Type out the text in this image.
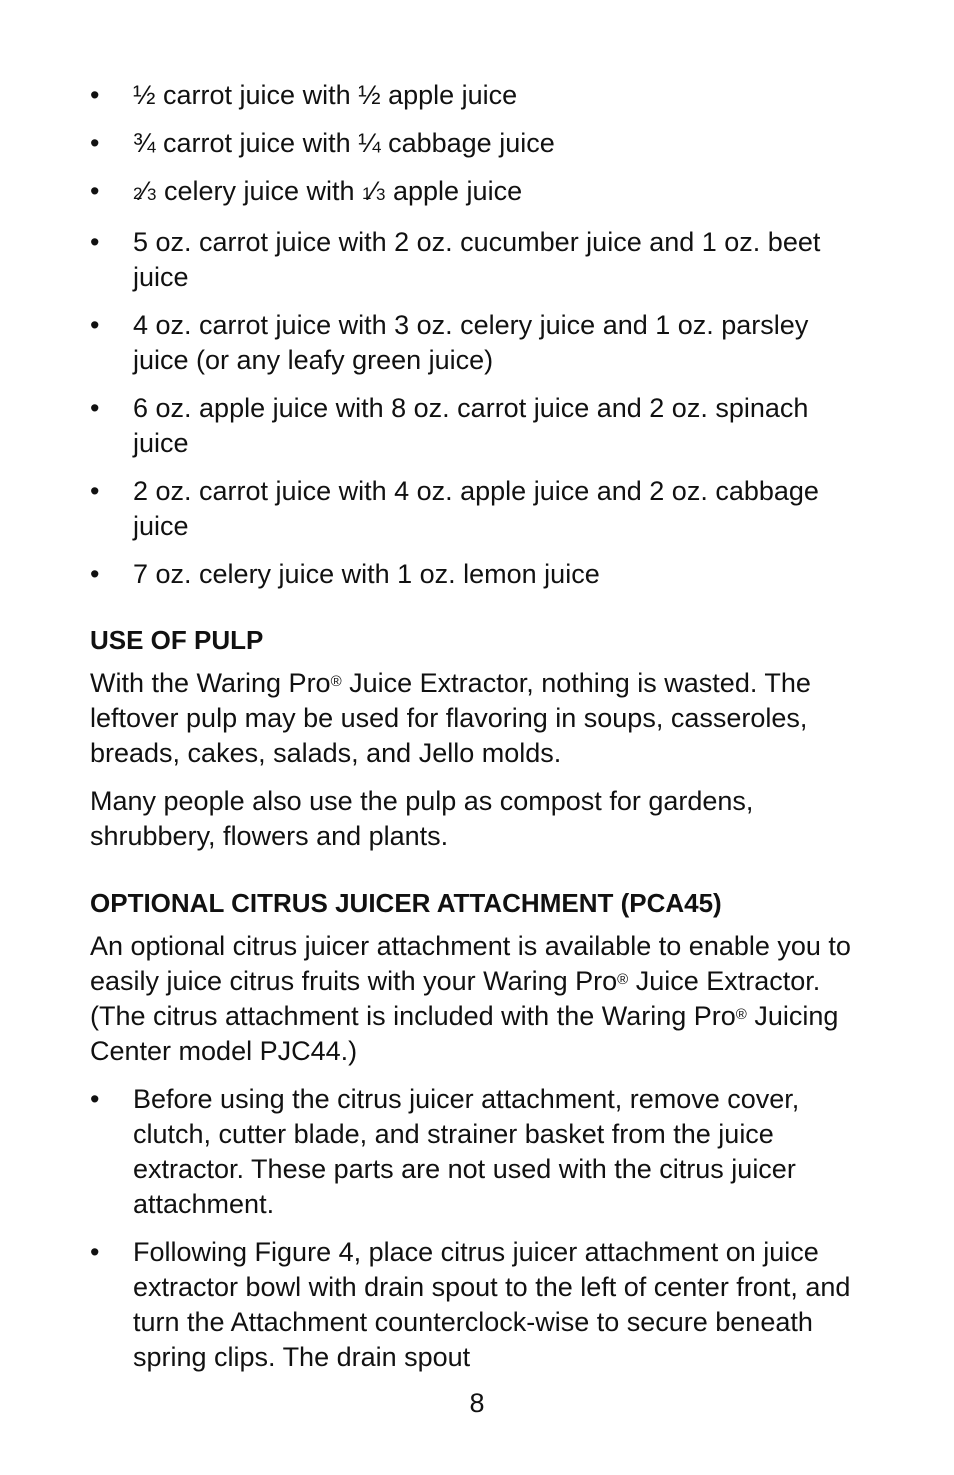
• ½ carrot juice with ½ apple juice
• ¾ carrot juice with ¼ cabbage juice
• $^2$⁄3 celery juice with $^1$⁄3 apple juice
• 5 oz. carrot juice with 2 oz. cucumber juice and 1 oz. beet juice
• 4 oz. carrot juice with 3 oz. celery juice and 1 oz. parsley juice (or any leafy green juice)
• 6 oz. apple juice with 8 oz. carrot juice and 2 oz. spinach juice
• 2 oz. carrot juice with 4 oz. apple juice and 2 oz. cabbage juice
• 7 oz. celery juice with 1 oz. lemon juice
USE OF PULP

With the Waring Pro® Juice Extractor, nothing is wasted. The leftover pulp may be used for flavoring in soups, casseroles, breads, cakes, salads, and Jello molds.

Many people also use the pulp as compost for gardens, shrubbery, flowers and plants.

OPTIONAL CITRUS JUICER ATTACHMENT (PCA45)

An optional citrus juicer attachment is available to enable you to easily juice citrus fruits with your Waring Pro® Juice Extractor. (The citrus attachment is included with the Waring Pro® Juicing Center model PJC44.)

• Before using the citrus juicer attachment, remove cover, clutch, cutter blade, and strainer basket from the juice extractor. These parts are not used with the citrus juicer attachment.
• Following Figure 4, place citrus juicer attachment on juice extractor bowl with drain spout to the left of center front, and turn the Attachment counterclock-wise to secure beneath spring clips. The drain spout
8
